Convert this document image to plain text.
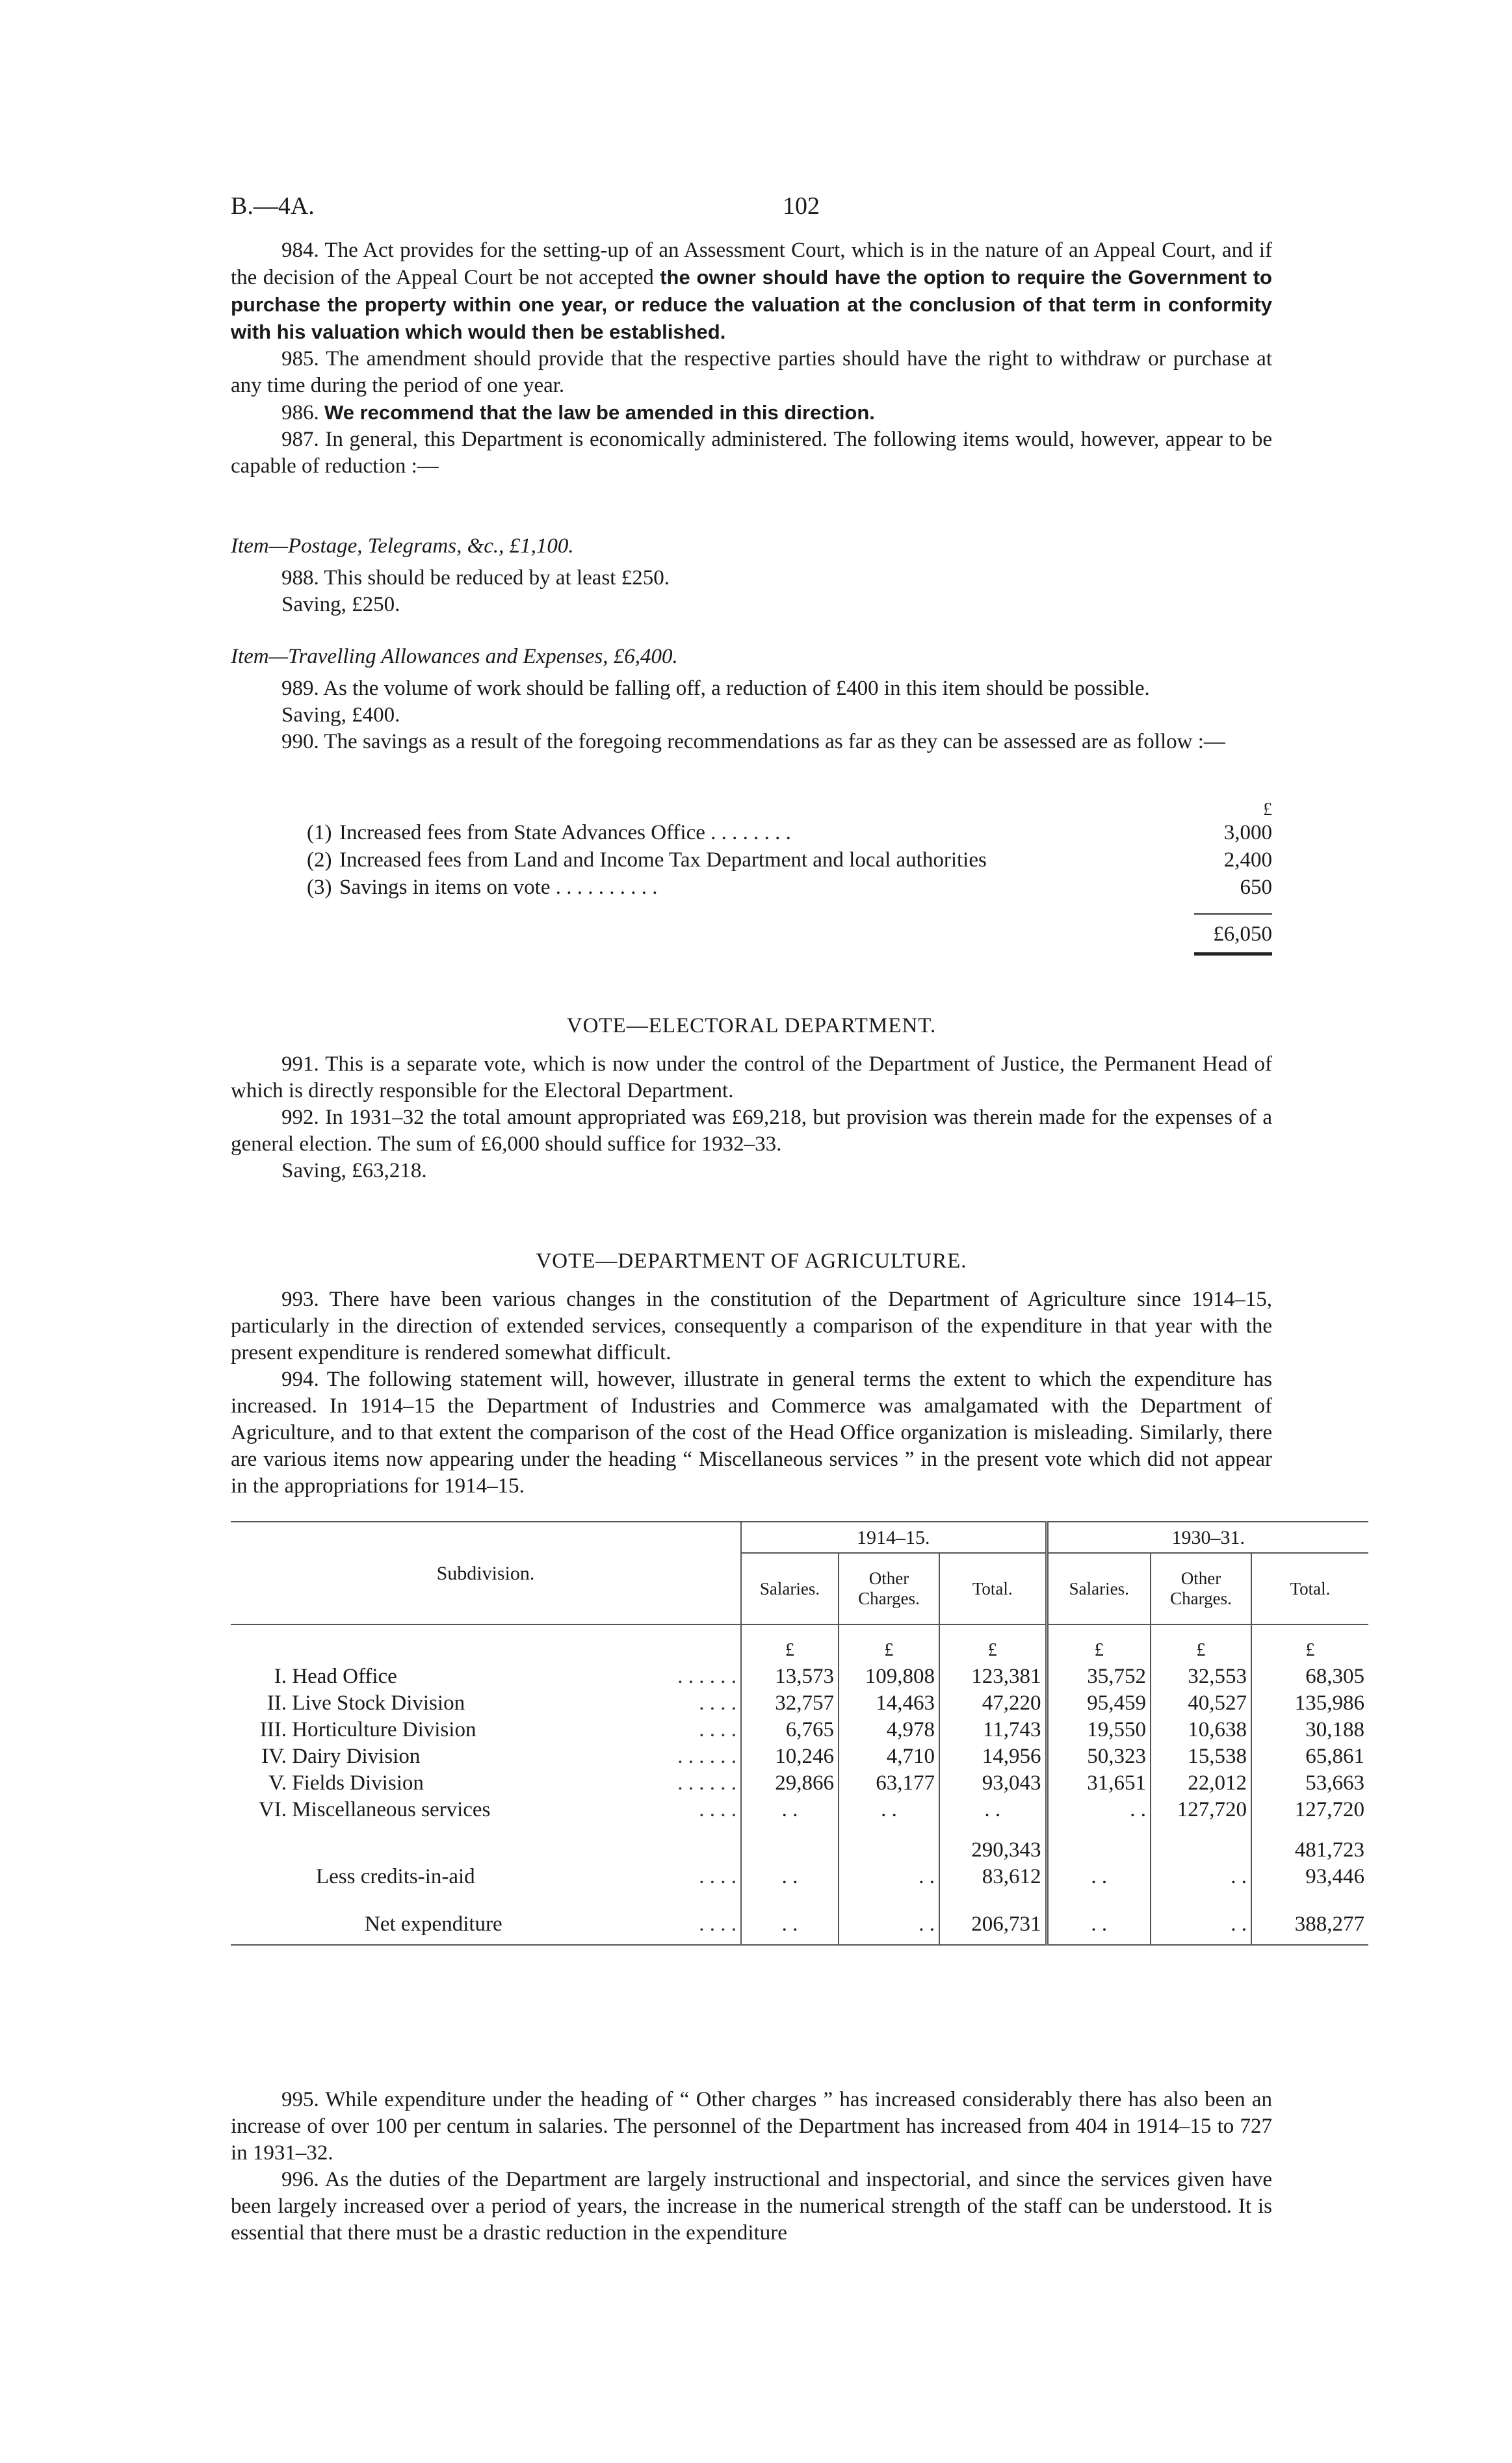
B.—4A.	102

984. The Act provides for the setting-up of an Assessment Court, which is in the nature of an Appeal Court, and if the decision of the Appeal Court be not accepted the owner should have the option to require the Government to purchase the property within one year, or reduce the valuation at the conclusion of that term in conformity with his valuation which would then be established.

985. The amendment should provide that the respective parties should have the right to withdraw or purchase at any time during the period of one year.

986. We recommend that the law be amended in this direction.

987. In general, this Department is economically administered. The following items would, however, appear to be capable of reduction :—

Item—Postage, Telegrams, &c., £1,100.

988. This should be reduced by at least £250.

Saving, £250.

Item—Travelling Allowances and Expenses, £6,400.

989. As the volume of work should be falling off, a reduction of £400 in this item should be possible.

Saving, £400.

990. The savings as a result of the foregoing recommendations as far as they can be assessed are as follow :—

£
(1) Increased fees from State Advances Office . . . . . . . .	3,000
(2) Increased fees from Land and Income Tax Department and local authorities	2,400
(3) Savings in items on vote . . . . . . . . . .	650
£6,050

VOTE—ELECTORAL DEPARTMENT.

991. This is a separate vote, which is now under the control of the Department of Justice, the Permanent Head of which is directly responsible for the Electoral Department.

992. In 1931–32 the total amount appropriated was £69,218, but provision was therein made for the expenses of a general election. The sum of £6,000 should suffice for 1932–33.

Saving, £63,218.

VOTE—DEPARTMENT OF AGRICULTURE.

993. There have been various changes in the constitution of the Department of Agriculture since 1914–15, particularly in the direction of extended services, consequently a comparison of the expenditure in that year with the present expenditure is rendered somewhat difficult.

994. The following statement will, however, illustrate in general terms the extent to which the expenditure has increased. In 1914–15 the Department of Industries and Commerce was amalgamated with the Department of Agriculture, and to that extent the comparison of the cost of the Head Office organization is misleading. Similarly, there are various items now appearing under the heading “ Miscellaneous services ” in the present vote which did not appear in the appropriations for 1914–15.

Subdivision.	1914–15.			1930–31.		
	Salaries.	Other Charges.	Total.	Salaries.	Other Charges.	Total.
	£	£	£	£	£	£
I. Head Office . . . . . .	13,573	109,808	123,381	35,752	32,553	68,305
II. Live Stock Division . . . .	32,757	14,463	47,220	95,459	40,527	135,986
III. Horticulture Division . . . .	6,765	4,978	11,743	19,550	10,638	30,188
IV. Dairy Division . . . . . .	10,246	4,710	14,956	50,323	15,538	65,861
V. Fields Division . . . . . .	29,866	63,177	93,043	31,651	22,012	53,663
VI. Miscellaneous services . . . .	. .	. .	. .	. .	127,720	127,720
			290,343			481,723
Less credits-in-aid . . . .	. .	. .	83,612	. .	. .	93,446

Net expenditure . . . .	. .	. .	206,731	. .	. .	388,277

995. While expenditure under the heading of “ Other charges ” has increased considerably there has also been an increase of over 100 per centum in salaries. The personnel of the Department has increased from 404 in 1914–15 to 727 in 1931–32.

996. As the duties of the Department are largely instructional and inspectorial, and since the services given have been largely increased over a period of years, the increase in the numerical strength of the staff can be understood. It is essential that there must be a drastic reduction in the expenditure
